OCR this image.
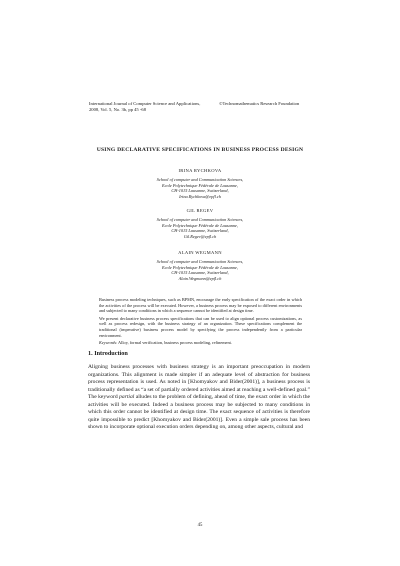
International Journal of Computer Science and Applications,
2008, Vol. 5, No. 3b, pp 45 -68
©Technomathematics Research Foundation
USING DECLARATIVE SPECIFICATIONS IN BUSINESS PROCESS DESIGN
IRINA RYCHKOVA
School of computer and Communication Sciences,
Ecole Polytechnique Fédérale de Lausanne,
CH-1015 Lausanne, Switzerland,
Irina.Rychkova@epfl.ch
GIL REGEV
School of computer and Communication Sciences,
Ecole Polytechnique Fédérale de Lausanne,
CH-1015 Lausanne, Switzerland,
Gil.Regev@epfl.ch
ALAIN WEGMANN
School of computer and Communication Sciences,
Ecole Polytechnique Fédérale de Lausanne,
CH-1015 Lausanne, Switzerland,
Alain.Wegmann@epfl.ch

Business process modeling techniques, such as BPMN, encourage the early specification of the exact order in which the activities of the process will be executed. However, a business process may be exposed to different environments and subjected to many conditions in which a sequence cannot be identified at design time.

We present declarative business process specifications that can be used to align optional process customizations, as well as process redesign, with the business strategy of an organization. These specifications complement the traditional (imperative) business process model by specifying the process independently from a particular environment.

Keywords: Alloy, formal verification, business process modeling, refinement.

1. Introduction
Aligning business processes with business strategy is an important preoccupation in modern organizations. This alignment is made simpler if an adequate level of abstraction for business process representation is used. As noted in [Khomyakov and Bider(2001)], a business process is traditionally defined as “a set of partially ordered activities aimed at reaching a well-defined goal.” The keyword partial alludes to the problem of defining, ahead of time, the exact order in which the activities will be executed. Indeed a business process may be subjected to many conditions in which this order cannot be identified at design time. The exact sequence of activities is therefore quite impossible to predict [Khomyakov and Bider(2001)]. Even a simple sale process has been shown to incorporate optional execution orders depending on, among other aspects, cultural and
45
